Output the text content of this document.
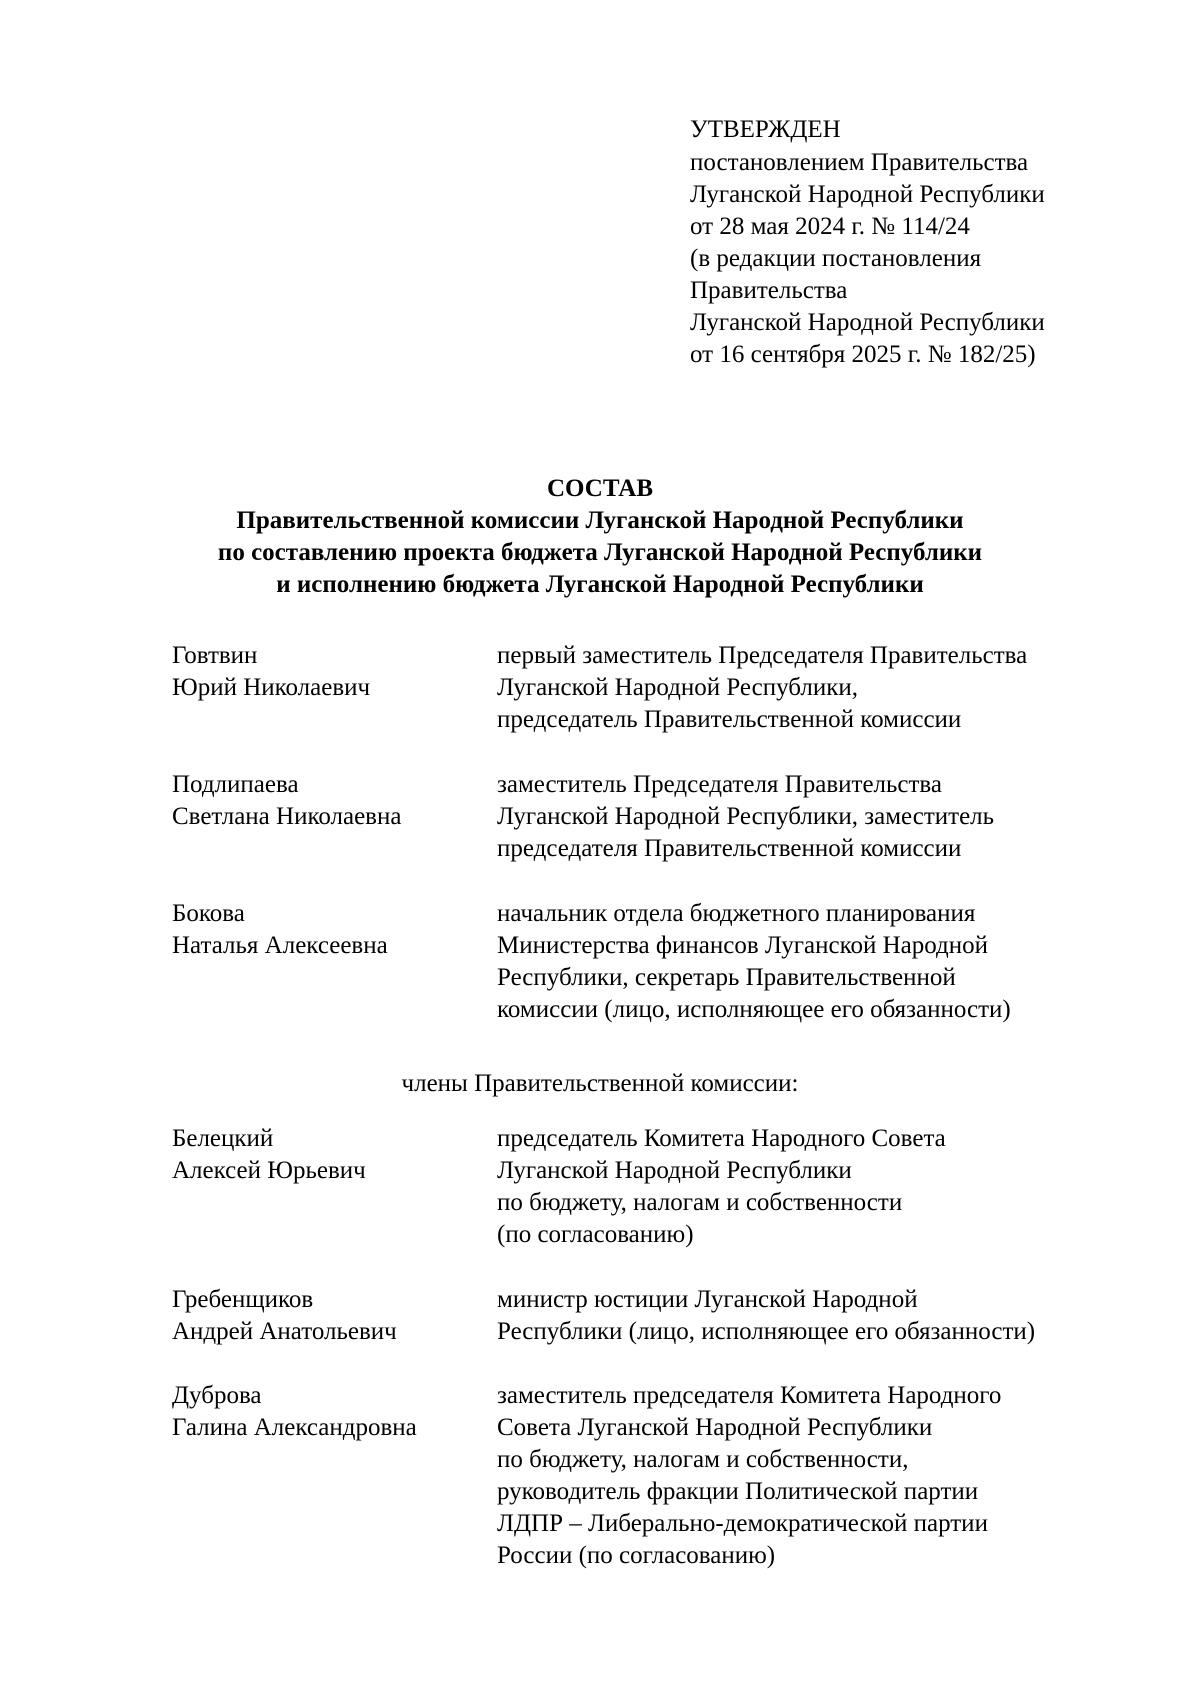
УТВЕРЖДЕН
постановлением Правительства
Луганской Народной Республики
от 28 мая 2024 г. № 114/24
(в редакции постановления
Правительства
Луганской Народной Республики
от 16 сентября 2025 г. № 182/25)
СОСТАВ
Правительственной комиссии Луганской Народной Республики
по составлению проекта бюджета Луганской Народной Республики
и исполнению бюджета Луганской Народной Республики
Говтвин
Юрий Николаевич
первый заместитель Председателя Правительства
Луганской Народной Республики,
председатель Правительственной комиссии
Подлипаева
Светлана Николаевна
заместитель Председателя Правительства
Луганской Народной Республики, заместитель
председателя Правительственной комиссии
Бокова
Наталья Алексеевна
начальник отдела бюджетного планирования
Министерства финансов Луганской Народной
Республики, секретарь Правительственной
комиссии (лицо, исполняющее его обязанности)
члены Правительственной комиссии:
Белецкий
Алексей Юрьевич
председатель Комитета Народного Совета
Луганской Народной Республики
по бюджету, налогам и собственности
(по согласованию)
Гребенщиков
Андрей Анатольевич
министр юстиции Луганской Народной
Республики (лицо, исполняющее его обязанности)
Дуброва
Галина Александровна
заместитель председателя Комитета Народного
Совета Луганской Народной Республики
по бюджету, налогам и собственности,
руководитель фракции Политической партии
ЛДПР – Либерально-демократической партии
России (по согласованию)
